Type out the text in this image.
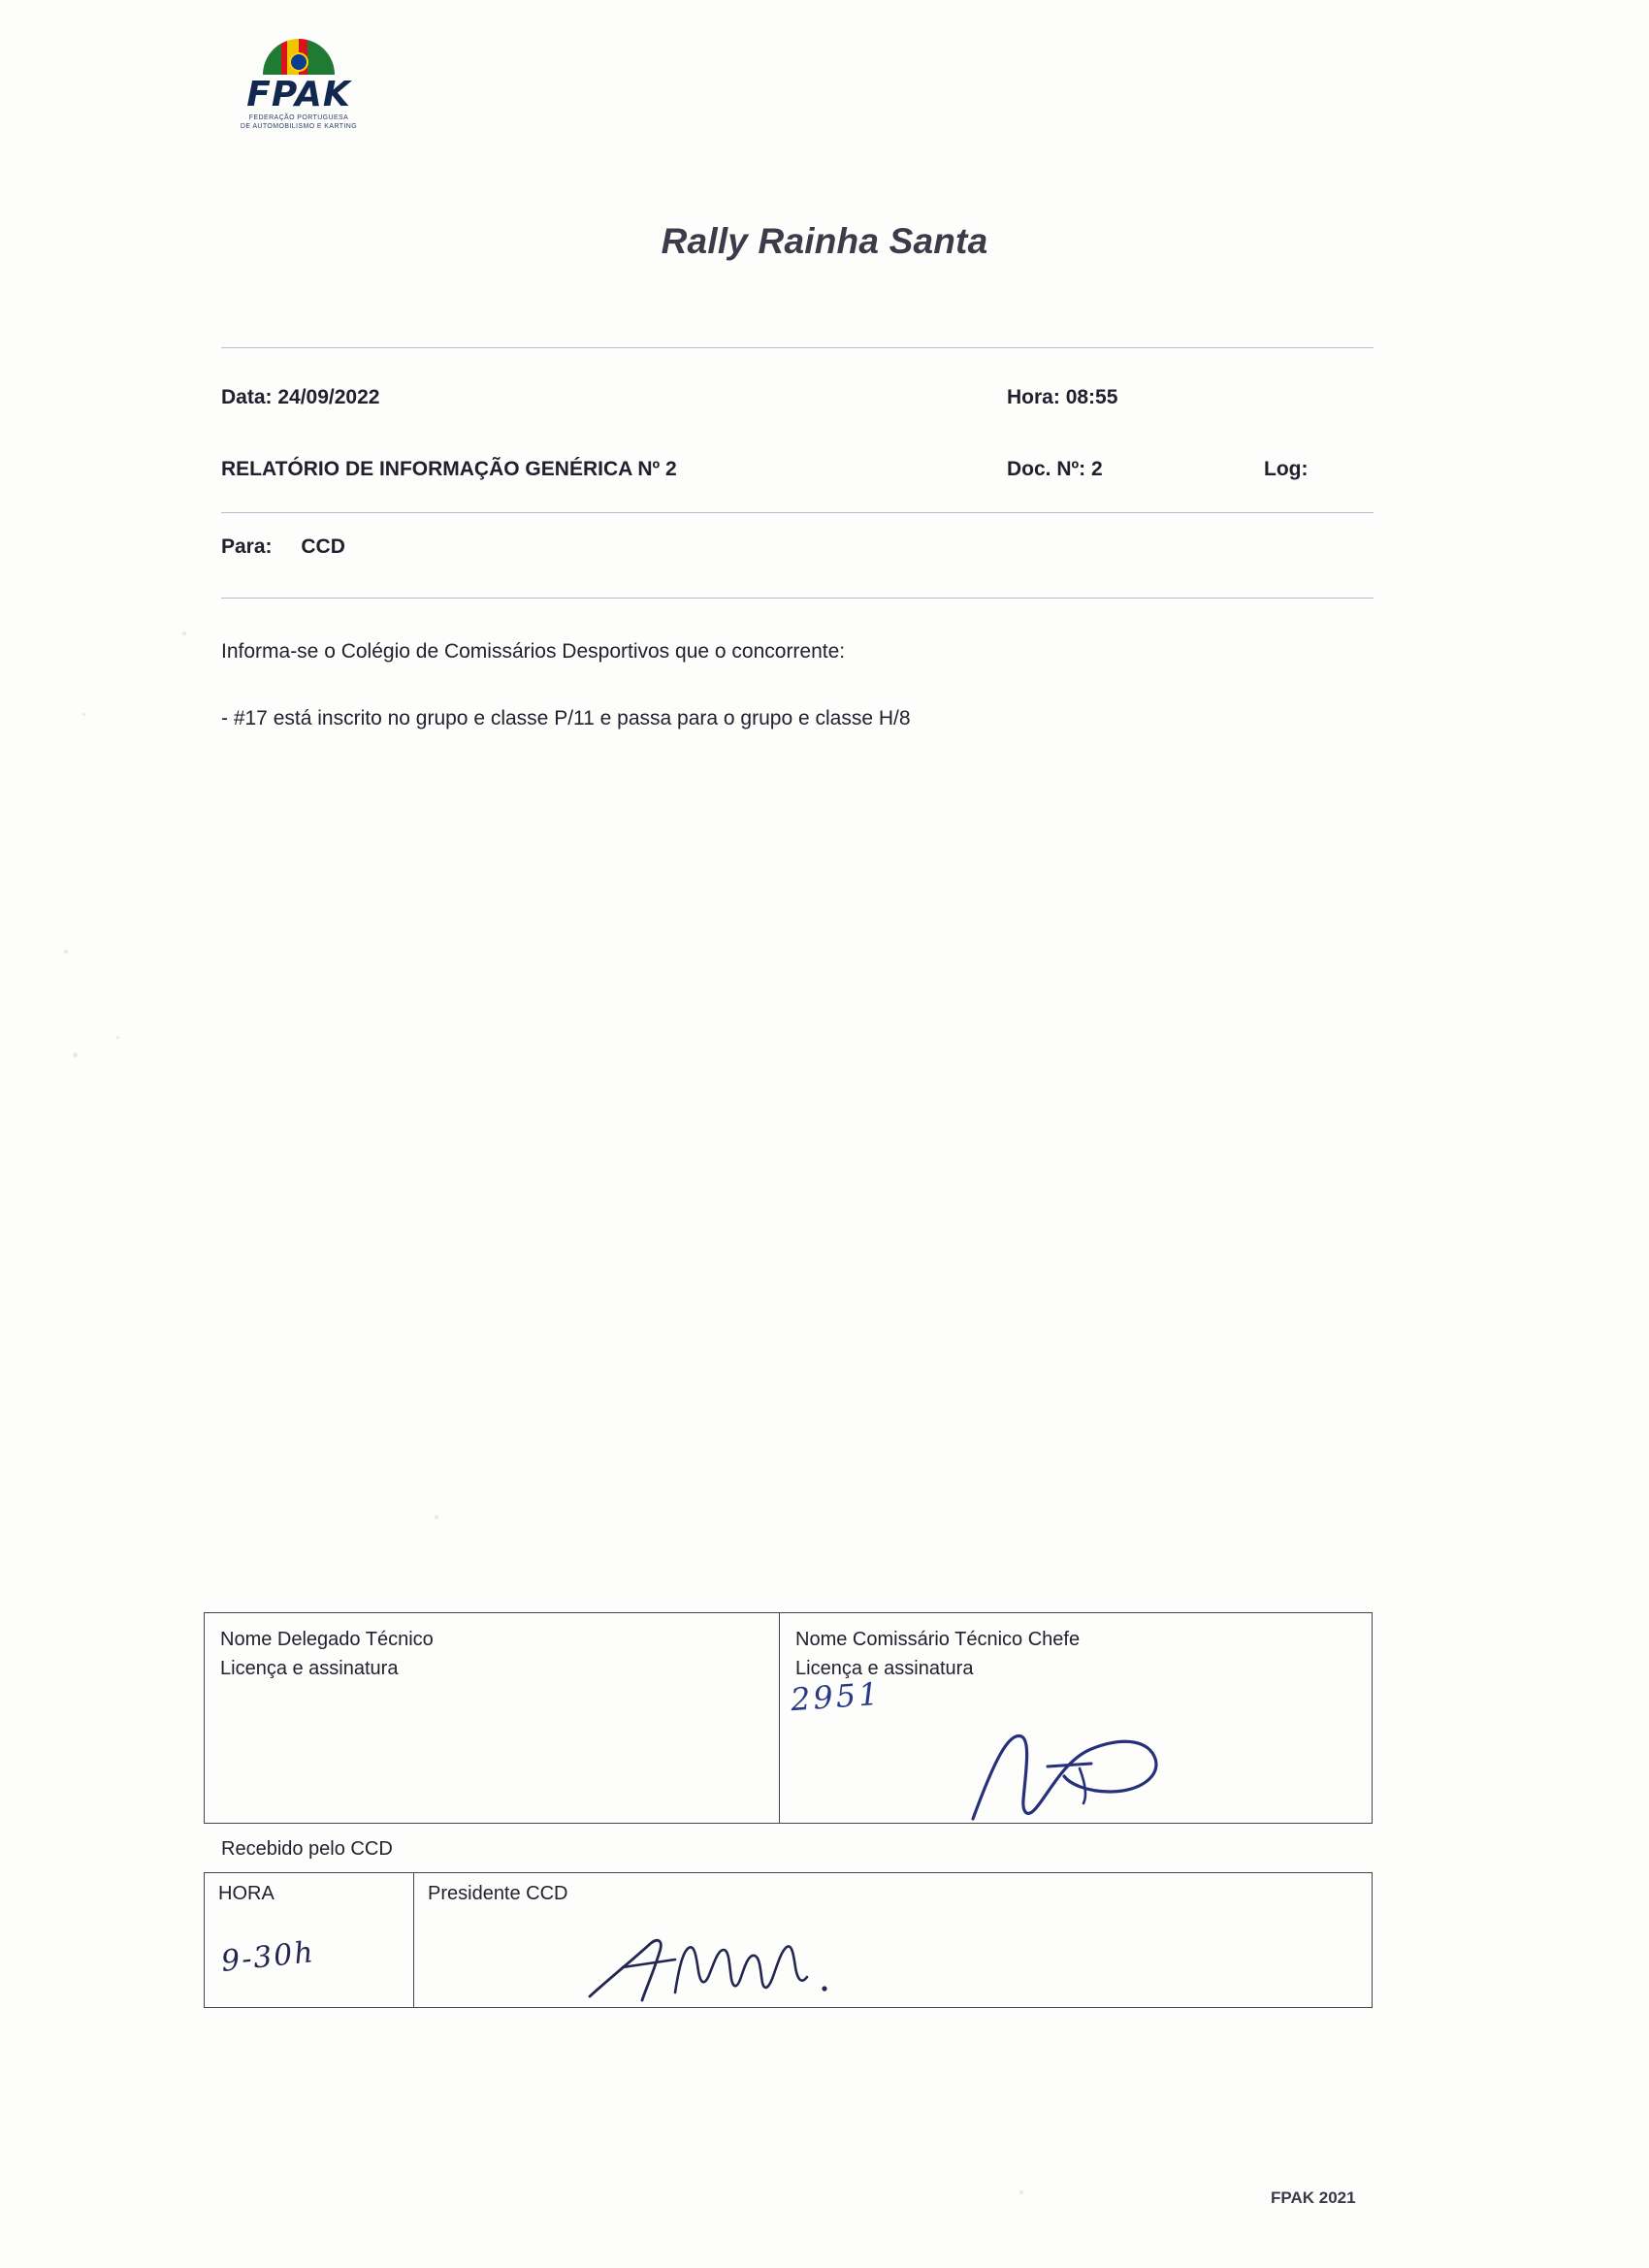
FPAK
FEDERAÇÃO PORTUGUESA
DE AUTOMOBILISMO E KARTING
Rally Rainha Santa
Data: 24/09/2022	Hora: 08:55
RELATÓRIO DE INFORMAÇÃO GENÉRICA Nº 2	Doc. Nº: 2	Log:
Para: CCD
Informa-se o Colégio de Comissários Desportivos que o concorrente:
- #17 está inscrito no grupo e classe P/11 e passa para o grupo e classe H/8
Nome Delegado Técnico
Licença e assinatura
Nome Comissário Técnico Chefe
Licença e assinatura
2951
Recebido pelo CCD
HORA	Presidente CCD
9-30h
FPAK 2021
